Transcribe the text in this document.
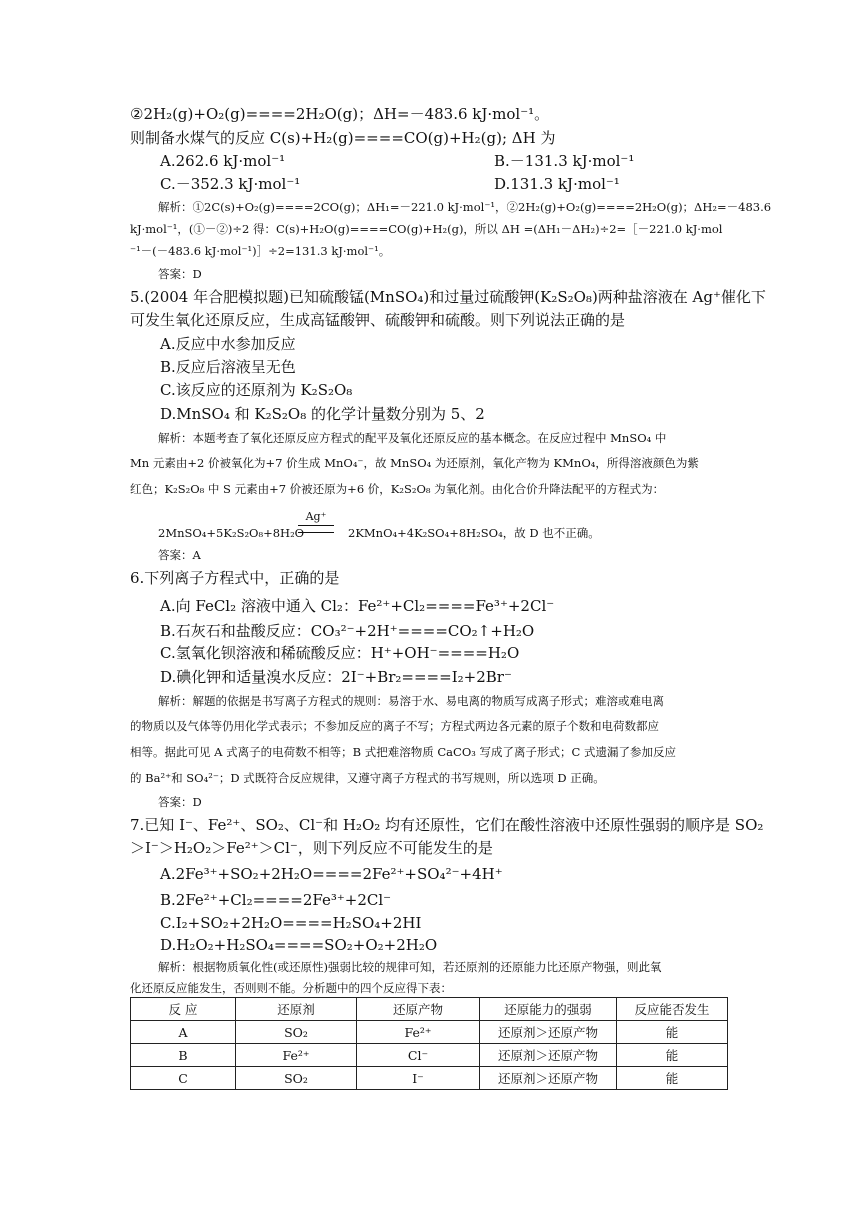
②2H₂(g)+O₂(g)====2H₂O(g)；ΔH=－483.6 kJ·mol⁻¹。
则制备水煤气的反应 C(s)+H₂(g)====CO(g)+H₂(g); ΔH 为
A.262.6 kJ·mol⁻¹	B.－131.3 kJ·mol⁻¹
C.－352.3 kJ·mol⁻¹	D.131.3 kJ·mol⁻¹
解析：①2C(s)+O₂(g)====2CO(g)；ΔH₁=－221.0 kJ·mol⁻¹，②2H₂(g)+O₂(g)====2H₂O(g)；ΔH₂=－483.6
kJ·mol⁻¹，(①－②)÷2 得：C(s)+H₂O(g)====CO(g)+H₂(g)，所以 ΔH =(ΔH₁－ΔH₂)÷2=［－221.0 kJ·mol
⁻¹－(－483.6 kJ·mol⁻¹)］÷2=131.3 kJ·mol⁻¹。
答案：D
5.(2004 年合肥模拟题)已知硫酸锰(MnSO₄)和过量过硫酸钾(K₂S₂O₈)两种盐溶液在 Ag⁺催化下
可发生氧化还原反应，生成高锰酸钾、硫酸钾和硫酸。则下列说法正确的是
A.反应中水参加反应
B.反应后溶液呈无色
C.该反应的还原剂为 K₂S₂O₈
D.MnSO₄ 和 K₂S₂O₈ 的化学计量数分别为 5、2
解析：本题考查了氧化还原反应方程式的配平及氧化还原反应的基本概念。在反应过程中 MnSO₄ 中
Mn 元素由+2 价被氧化为+7 价生成 MnO₄⁻，故 MnSO₄ 为还原剂，氧化产物为 KMnO₄，所得溶液颜色为紫
红色；K₂S₂O₈ 中 S 元素由+7 价被还原为+6 价，K₂S₂O₈ 为氧化剂。由化合价升降法配平的方程式为：
2MnSO₄+5K₂S₂O₈+8H₂O
Ag⁺
2KMnO₄+4K₂SO₄+8H₂SO₄，故 D 也不正确。
答案：A
6.下列离子方程式中，正确的是
A.向 FeCl₂ 溶液中通入 Cl₂：Fe²⁺+Cl₂====Fe³⁺+2Cl⁻
B.石灰石和盐酸反应：CO₃²⁻+2H⁺====CO₂↑+H₂O
C.氢氧化钡溶液和稀硫酸反应：H⁺+OH⁻====H₂O
D.碘化钾和适量溴水反应：2I⁻+Br₂====I₂+2Br⁻
解析：解题的依据是书写离子方程式的规则：易溶于水、易电离的物质写成离子形式；难溶或难电离
的物质以及气体等仍用化学式表示；不参加反应的离子不写；方程式两边各元素的原子个数和电荷数都应
相等。据此可见 A 式离子的电荷数不相等；B 式把难溶物质 CaCO₃ 写成了离子形式；C 式遗漏了参加反应
的 Ba²⁺和 SO₄²⁻；D 式既符合反应规律，又遵守离子方程式的书写规则，所以选项 D 正确。
答案：D
7.已知 I⁻、Fe²⁺、SO₂、Cl⁻和 H₂O₂ 均有还原性，它们在酸性溶液中还原性强弱的顺序是 SO₂
＞I⁻＞H₂O₂＞Fe²⁺＞Cl⁻，则下列反应不可能发生的是
A.2Fe³⁺+SO₂+2H₂O====2Fe²⁺+SO₄²⁻+4H⁺
B.2Fe²⁺+Cl₂====2Fe³⁺+2Cl⁻
C.I₂+SO₂+2H₂O====H₂SO₄+2HI
D.H₂O₂+H₂SO₄====SO₂+O₂+2H₂O
解析：根据物质氧化性(或还原性)强弱比较的规律可知，若还原剂的还原能力比还原产物强，则此氧
化还原反应能发生，否则则不能。分析题中的四个反应得下表：
反 应	还原剂	还原产物	还原能力的强弱	反应能否发生
A	SO₂	Fe²⁺	还原剂＞还原产物	能
B	Fe²⁺	Cl⁻	还原剂＞还原产物	能
C	SO₂	I⁻	还原剂＞还原产物	能
